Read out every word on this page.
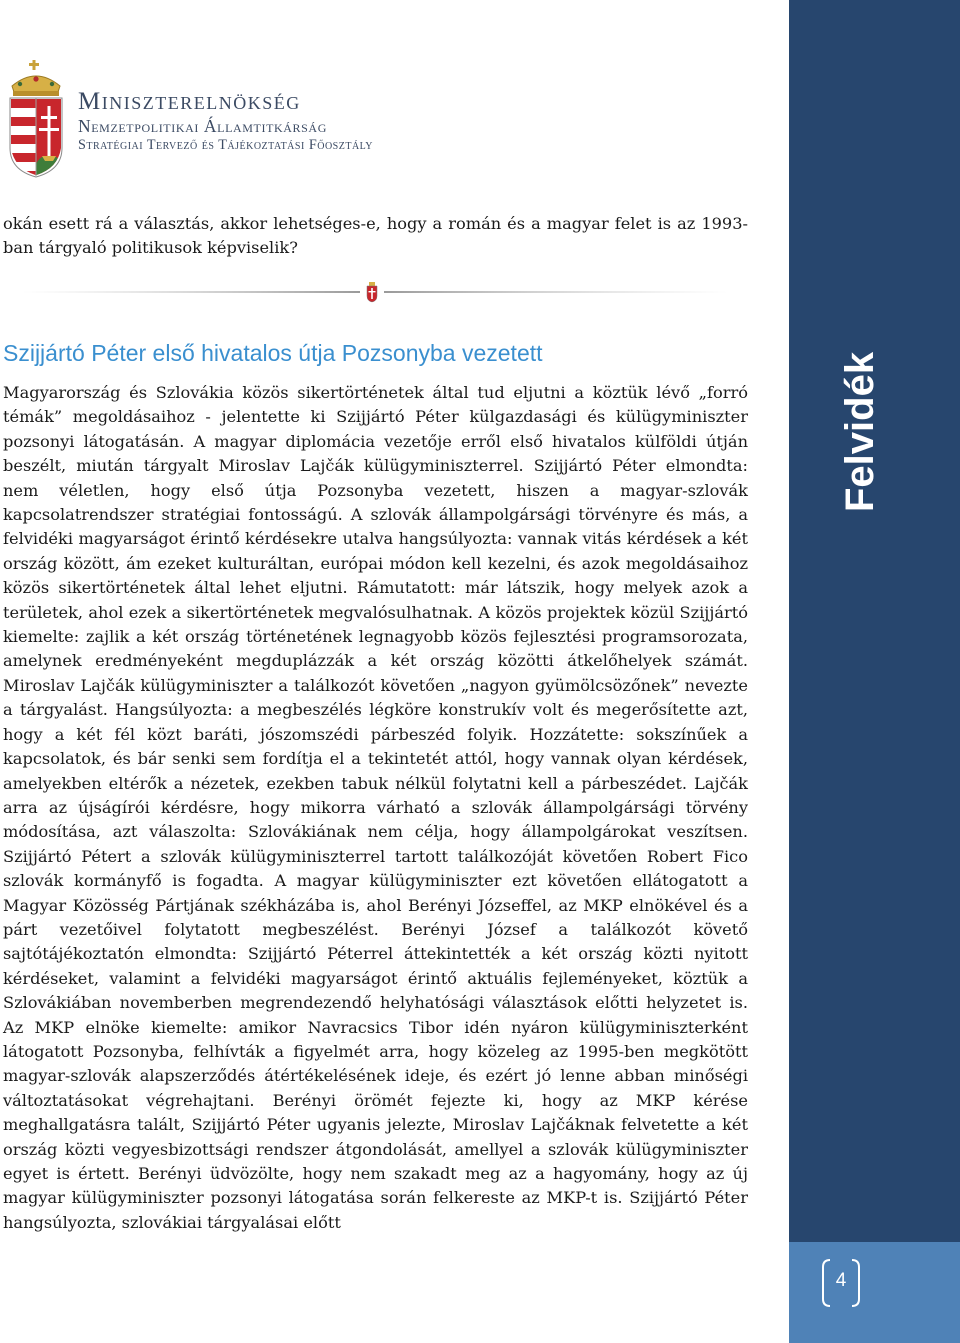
Miniszterelnökség
Nemzetpolitikai Államtitkárság
Stratégiai Tervező és Tájékoztatási Főosztály

okán esett rá a választás, akkor lehetséges-e, hogy a román és a magyar felet is az 1993-ban tárgyaló politikusok képviselik?

Szijjártó Péter első hivatalos útja Pozsonyba vezetett

Magyarország és Szlovákia közös sikertörténetek által tud eljutni a köztük lévő „forró témák” megoldásaihoz - jelentette ki Szijjártó Péter külgazdasági és külügyminiszter pozsonyi látogatásán. A magyar diplomácia vezetője erről első hivatalos külföldi útján beszélt, miután tárgyalt Miroslav Lajčák külügyminiszterrel. Szijjártó Péter elmondta: nem véletlen, hogy első útja Pozsonyba vezetett, hiszen a magyar-szlovák kapcsolatrendszer stratégiai fontosságú. A szlovák állampolgársági törvényre és más, a felvidéki magyarságot érintő kérdésekre utalva hangsúlyozta: vannak vitás kérdések a két ország között, ám ezeket kulturáltan, európai módon kell kezelni, és azok megoldásaihoz közös sikertörténetek által lehet eljutni. Rámutatott: már látszik, hogy melyek azok a területek, ahol ezek a sikertörténetek megvalósulhatnak. A közös projektek közül Szijjártó kiemelte: zajlik a két ország történetének legnagyobb közös fejlesztési programsorozata, amelynek eredményeként megduplázzák a két ország közötti átkelőhelyek számát. Miroslav Lajčák külügyminiszter a találkozót követően „nagyon gyümölcsözőnek” nevezte a tárgyalást. Hangsúlyozta: a megbeszélés légköre konstrukív volt és megerősítette azt, hogy a két fél közt baráti, jószomszédi párbeszéd folyik. Hozzátette: sokszínűek a kapcsolatok, és bár senki sem fordítja el a tekintetét attól, hogy vannak olyan kérdések, amelyekben eltérők a nézetek, ezekben tabuk nélkül folytatni kell a párbeszédet. Lajčák arra az újságírói kérdésre, hogy mikorra várható a szlovák állampolgársági törvény módosítása, azt válaszolta: Szlovákiának nem célja, hogy állampolgárokat veszítsen. Szijjártó Pétert a szlovák külügyminiszterrel tartott találkozóját követően Robert Fico szlovák kormányfő is fogadta. A magyar külügyminiszter ezt követően ellátogatott a Magyar Közösség Pártjának székházába is, ahol Berényi Józseffel, az MKP elnökével és a párt vezetőivel folytatott megbeszélést. Berényi József a találkozót követő sajtótájékoztatón elmondta: Szijjártó Péterrel áttekintették a két ország közti nyitott kérdéseket, valamint a felvidéki magyarságot érintő aktuális fejleményeket, köztük a Szlovákiában novemberben megrendezendő helyhatósági választások előtti helyzetet is. Az MKP elnöke kiemelte: amikor Navracsics Tibor idén nyáron külügyminiszterként látogatott Pozsonyba, felhívták a figyelmét arra, hogy közeleg az 1995-ben megkötött magyar-szlovák alapszerződés átértékelésének ideje, és ezért jó lenne abban minőségi változtatásokat végrehajtani. Berényi örömét fejezte ki, hogy az MKP kérése meghallgatásra talált, Szijjártó Péter ugyanis jelezte, Miroslav Lajčáknak felvetette a két ország közti vegyesbizottsági rendszer átgondolását, amellyel a szlovák külügyminiszter egyet is értett. Berényi üdvözölte, hogy nem szakadt meg az a hagyomány, hogy az új magyar külügyminiszter pozsonyi látogatása során felkereste az MKP-t is. Szijjártó Péter hangsúlyozta, szlovákiai tárgyalásai előtt

Felvidék
4
